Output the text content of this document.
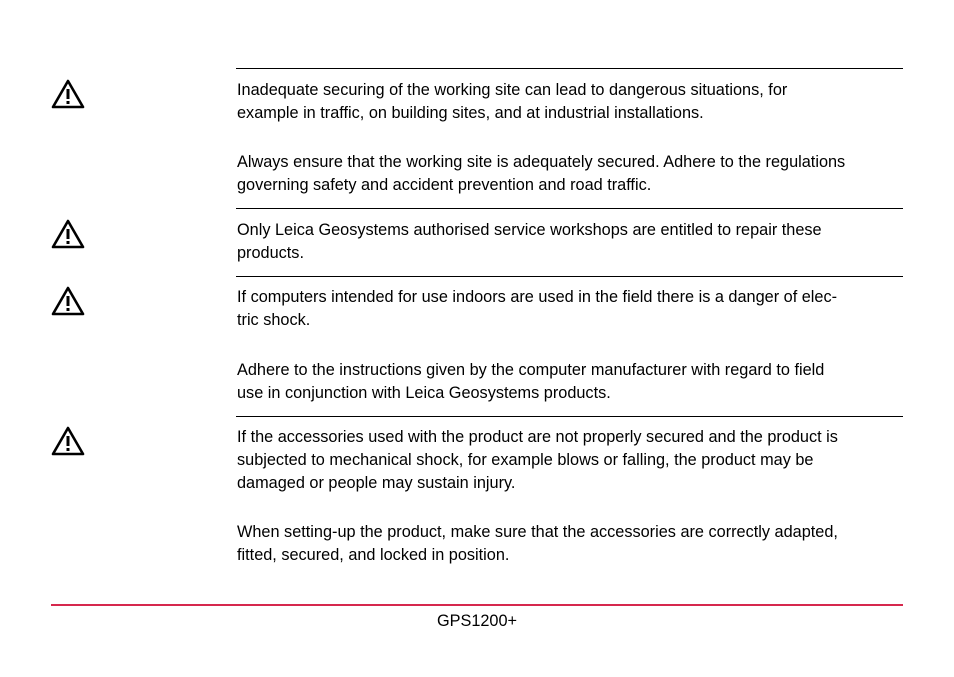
Inadequate securing of the working site can lead to dangerous situations, for
example in traffic, on building sites, and at industrial installations.

Always ensure that the working site is adequately secured. Adhere to the regulations
governing safety and accident prevention and road traffic.

Only Leica Geosystems authorised service workshops are entitled to repair these
products.

If computers intended for use indoors are used in the field there is a danger of elec-
tric shock.

Adhere to the instructions given by the computer manufacturer with regard to field
use in conjunction with Leica Geosystems products.

If the accessories used with the product are not properly secured and the product is
subjected to mechanical shock, for example blows or falling, the product may be
damaged or people may sustain injury.

When setting-up the product, make sure that the accessories are correctly adapted,
fitted, secured, and locked in position.

GPS1200+
